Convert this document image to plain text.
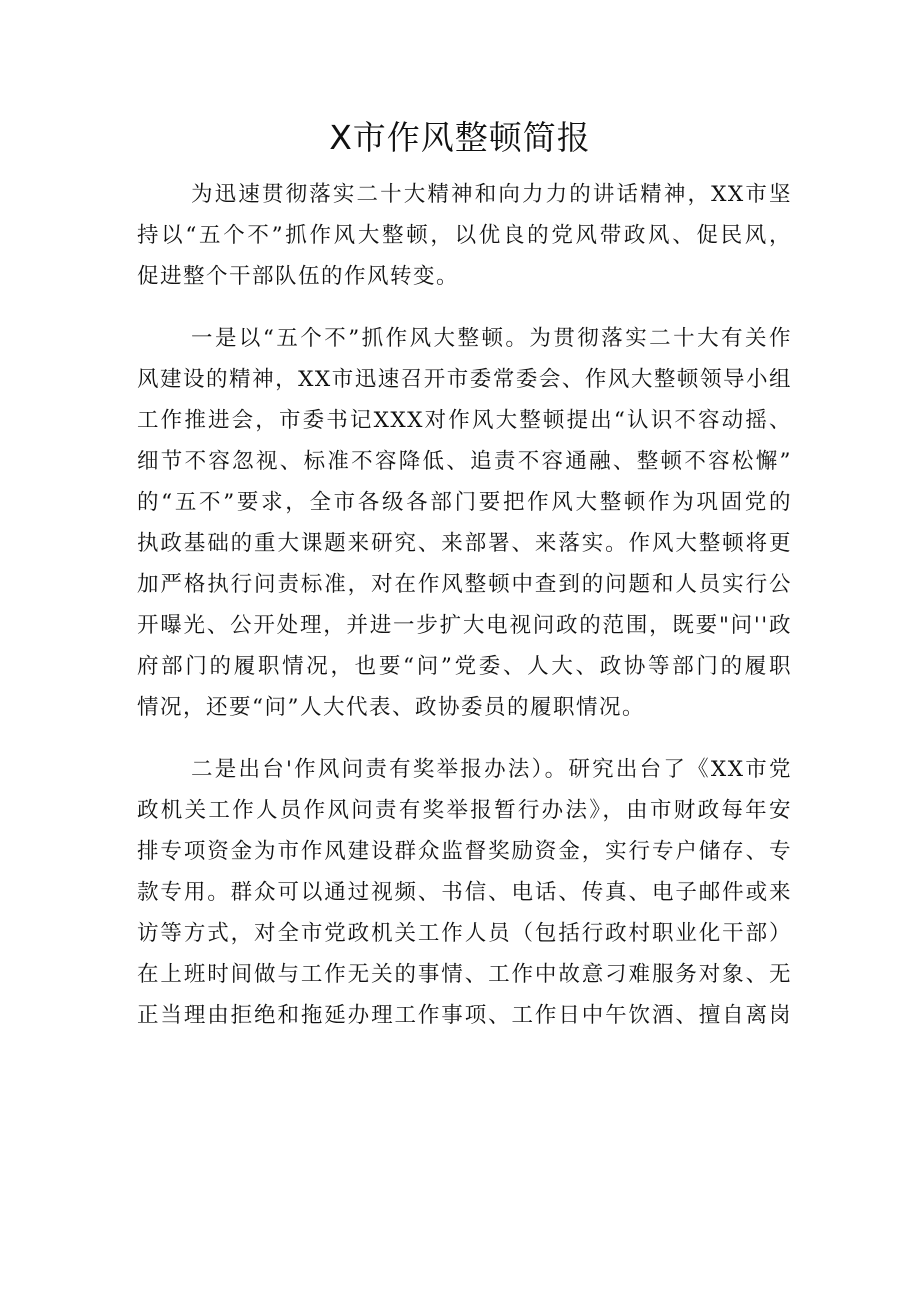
X市作风整顿简报
为迅速贯彻落实二十大精神和向力力的讲话精神，XX市坚
持以“五个不”抓作风大整顿，以优良的党风带政风、促民风，
促进整个干部队伍的作风转变。
一是以“五个不”抓作风大整顿。为贯彻落实二十大有关作
风建设的精神，XX市迅速召开市委常委会、作风大整顿领导小组
工作推进会，市委书记XXX对作风大整顿提出“认识不容动摇、
细节不容忽视、标准不容降低、追责不容通融、整顿不容松懈”
的“五不”要求，全市各级各部门要把作风大整顿作为巩固党的
执政基础的重大课题来研究、来部署、来落实。作风大整顿将更
加严格执行问责标准，对在作风整顿中查到的问题和人员实行公
开曝光、公开处理，并进一步扩大电视问政的范围，既要"问''政
府部门的履职情况，也要“问”党委、人大、政协等部门的履职
情况，还要“问”人大代表、政协委员的履职情况。
二是出台'作风问责有奖举报办法）。研究出台了《XX市党
政机关工作人员作风问责有奖举报暂行办法》，由市财政每年安
排专项资金为市作风建设群众监督奖励资金，实行专户储存、专
款专用。群众可以通过视频、书信、电话、传真、电子邮件或来
访等方式，对全市党政机关工作人员（包括行政村职业化干部）
在上班时间做与工作无关的事情、工作中故意刁难服务对象、无
正当理由拒绝和拖延办理工作事项、工作日中午饮酒、擅自离岗
